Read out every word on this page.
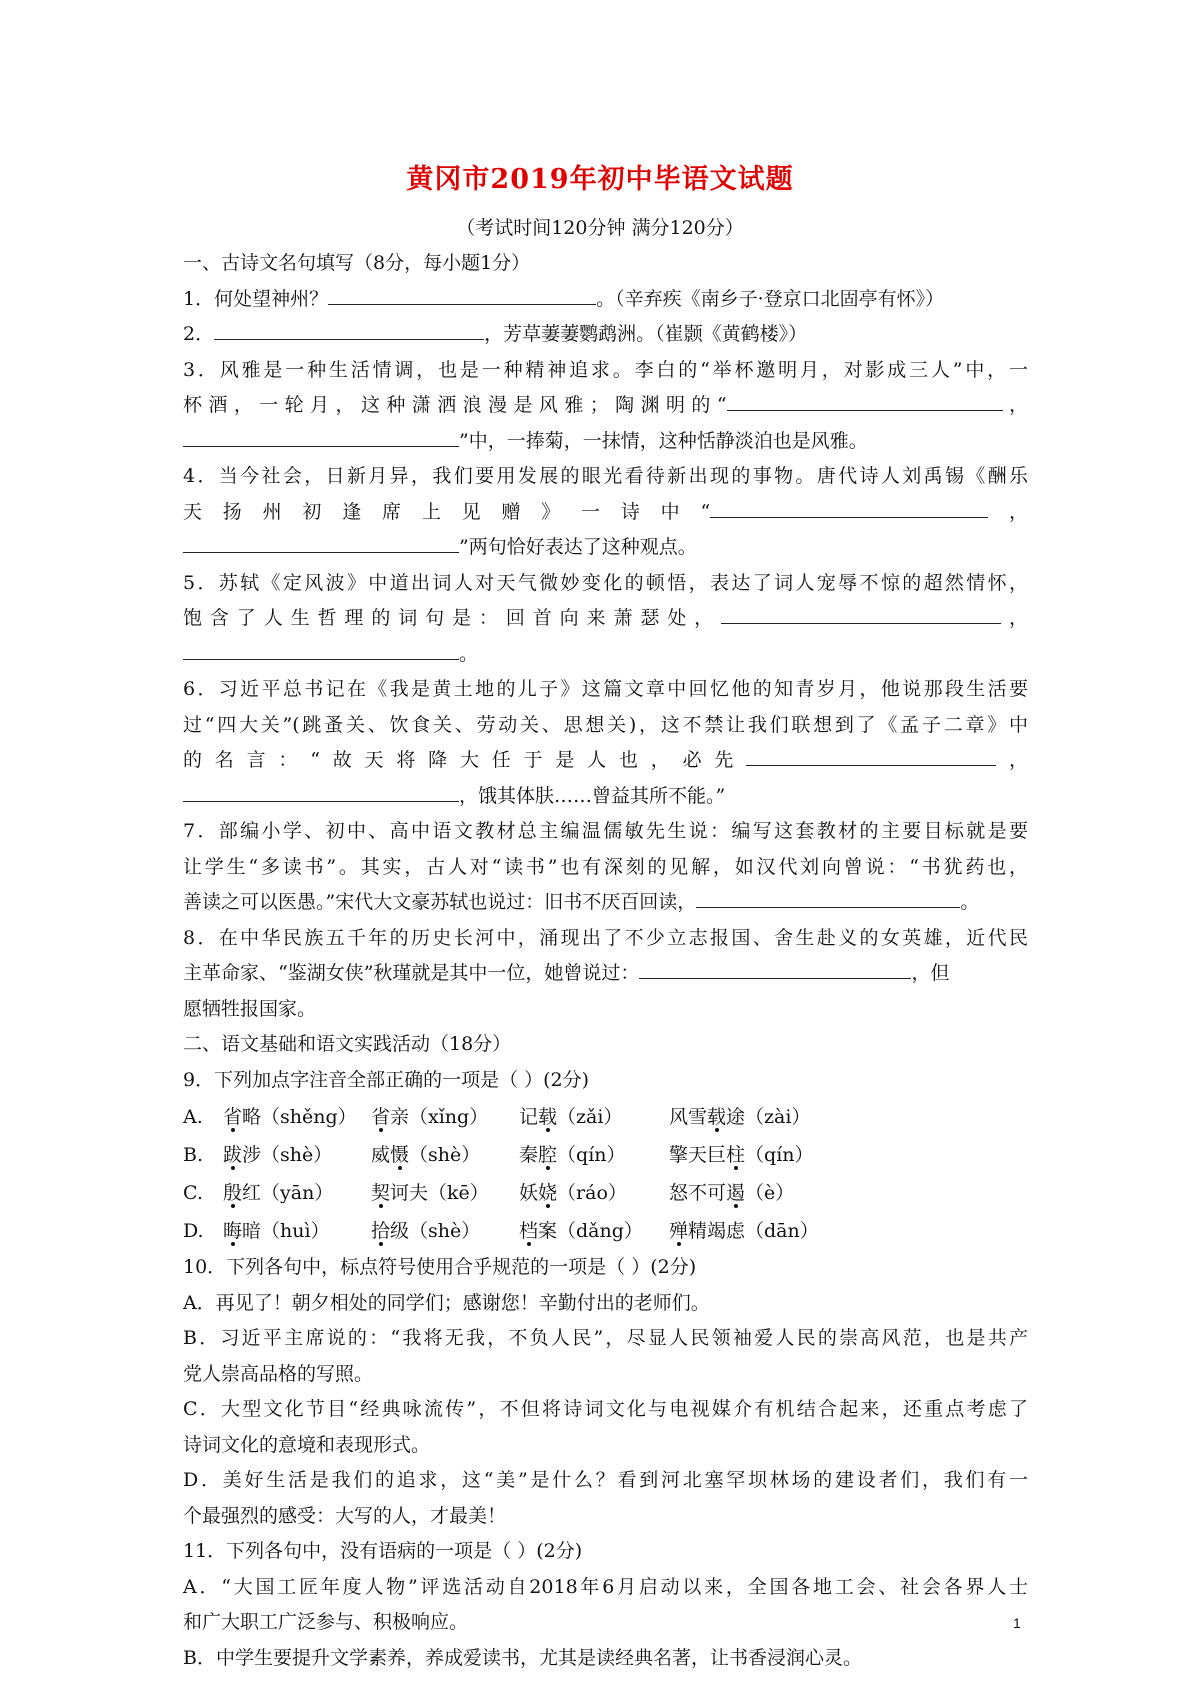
黄冈市2019年初中毕语文试题
（考试时间120分钟 满分120分）
一、古诗文名句填写（8分，每小题1分）
1．何处望神州？	。（辛弃疾《南乡子·登京口北固亭有怀》）
2．	，芳草萋萋鹦鹉洲。（崔颢《黄鹤楼》）
3．风雅是一种生活情调，也是一种精神追求。李白的“举杯邀明月，对影成三人”中，一
杯酒，一轮月，这种潇洒浪漫是风雅；陶渊明的“	，
”中，一捧菊，一抹情，这种恬静淡泊也是风雅。
4．当今社会，日新月异，我们要用发展的眼光看待新出现的事物。唐代诗人刘禹锡《酬乐
天扬州初逢席上见赠》一诗中“	，
”两句恰好表达了这种观点。
5．苏轼《定风波》中道出词人对天气微妙变化的顿悟，表达了词人宠辱不惊的超然情怀，
饱含了人生哲理的词句是：回首向来萧瑟处，	，
。
6．习近平总书记在《我是黄土地的儿子》这篇文章中回忆他的知青岁月，他说那段生活要
过“四大关”(跳蚤关、饮食关、劳动关、思想关)，这不禁让我们联想到了《孟子二章》中
的名言：“故天将降大任于是人也，必先	，
，饿其体肤……曾益其所不能。”
7．部编小学、初中、高中语文教材总主编温儒敏先生说：编写这套教材的主要目标就是要
让学生“多读书”。其实，古人对“读书”也有深刻的见解，如汉代刘向曾说：“书犹药也，
善读之可以医愚。”宋代大文豪苏轼也说过：旧书不厌百回读，	。
8．在中华民族五千年的历史长河中，涌现出了不少立志报国、舍生赴义的女英雄，近代民
主革命家、“鉴湖女侠”秋瑾就是其中一位，她曾说过：	，但
愿牺牲报国家。
二、语文基础和语文实践活动（18分）
9．下列加点字注音全部正确的一项是（ ）(2分)
A.	省略（shěng） 省亲（xǐng）	记载（zǎi）	风雪载途（zài）
B.	跋涉（shè）	威慑（shè）	秦腔（qín）	擎天巨柱（qín）
C.	殷红（yān）	契诃夫（kē）	妖娆（ráo）	怒不可遏（è）
D.	晦暗（huì）	拾级（shè）	档案（dǎng）	殚精竭虑（dān）
10．下列各句中，标点符号使用合乎规范的一项是（ ）(2分)
A．再见了！朝夕相处的同学们；感谢您！辛勤付出的老师们。
B．习近平主席说的：“我将无我，不负人民”，尽显人民领袖爱人民的崇高风范，也是共产
党人崇高品格的写照。
C．大型文化节目“经典咏流传”，不但将诗词文化与电视媒介有机结合起来，还重点考虑了
诗词文化的意境和表现形式。
D．美好生活是我们的追求，这“美”是什么？看到河北塞罕坝林场的建设者们，我们有一
个最强烈的感受：大写的人，才最美！
11．下列各句中，没有语病的一项是（ ）(2分)
A．“大国工匠年度人物”评选活动自2018年6月启动以来，全国各地工会、社会各界人士
和广大职工广泛参与、积极响应。
B．中学生要提升文学素养，养成爱读书，尤其是读经典名著，让书香浸润心灵。
1
